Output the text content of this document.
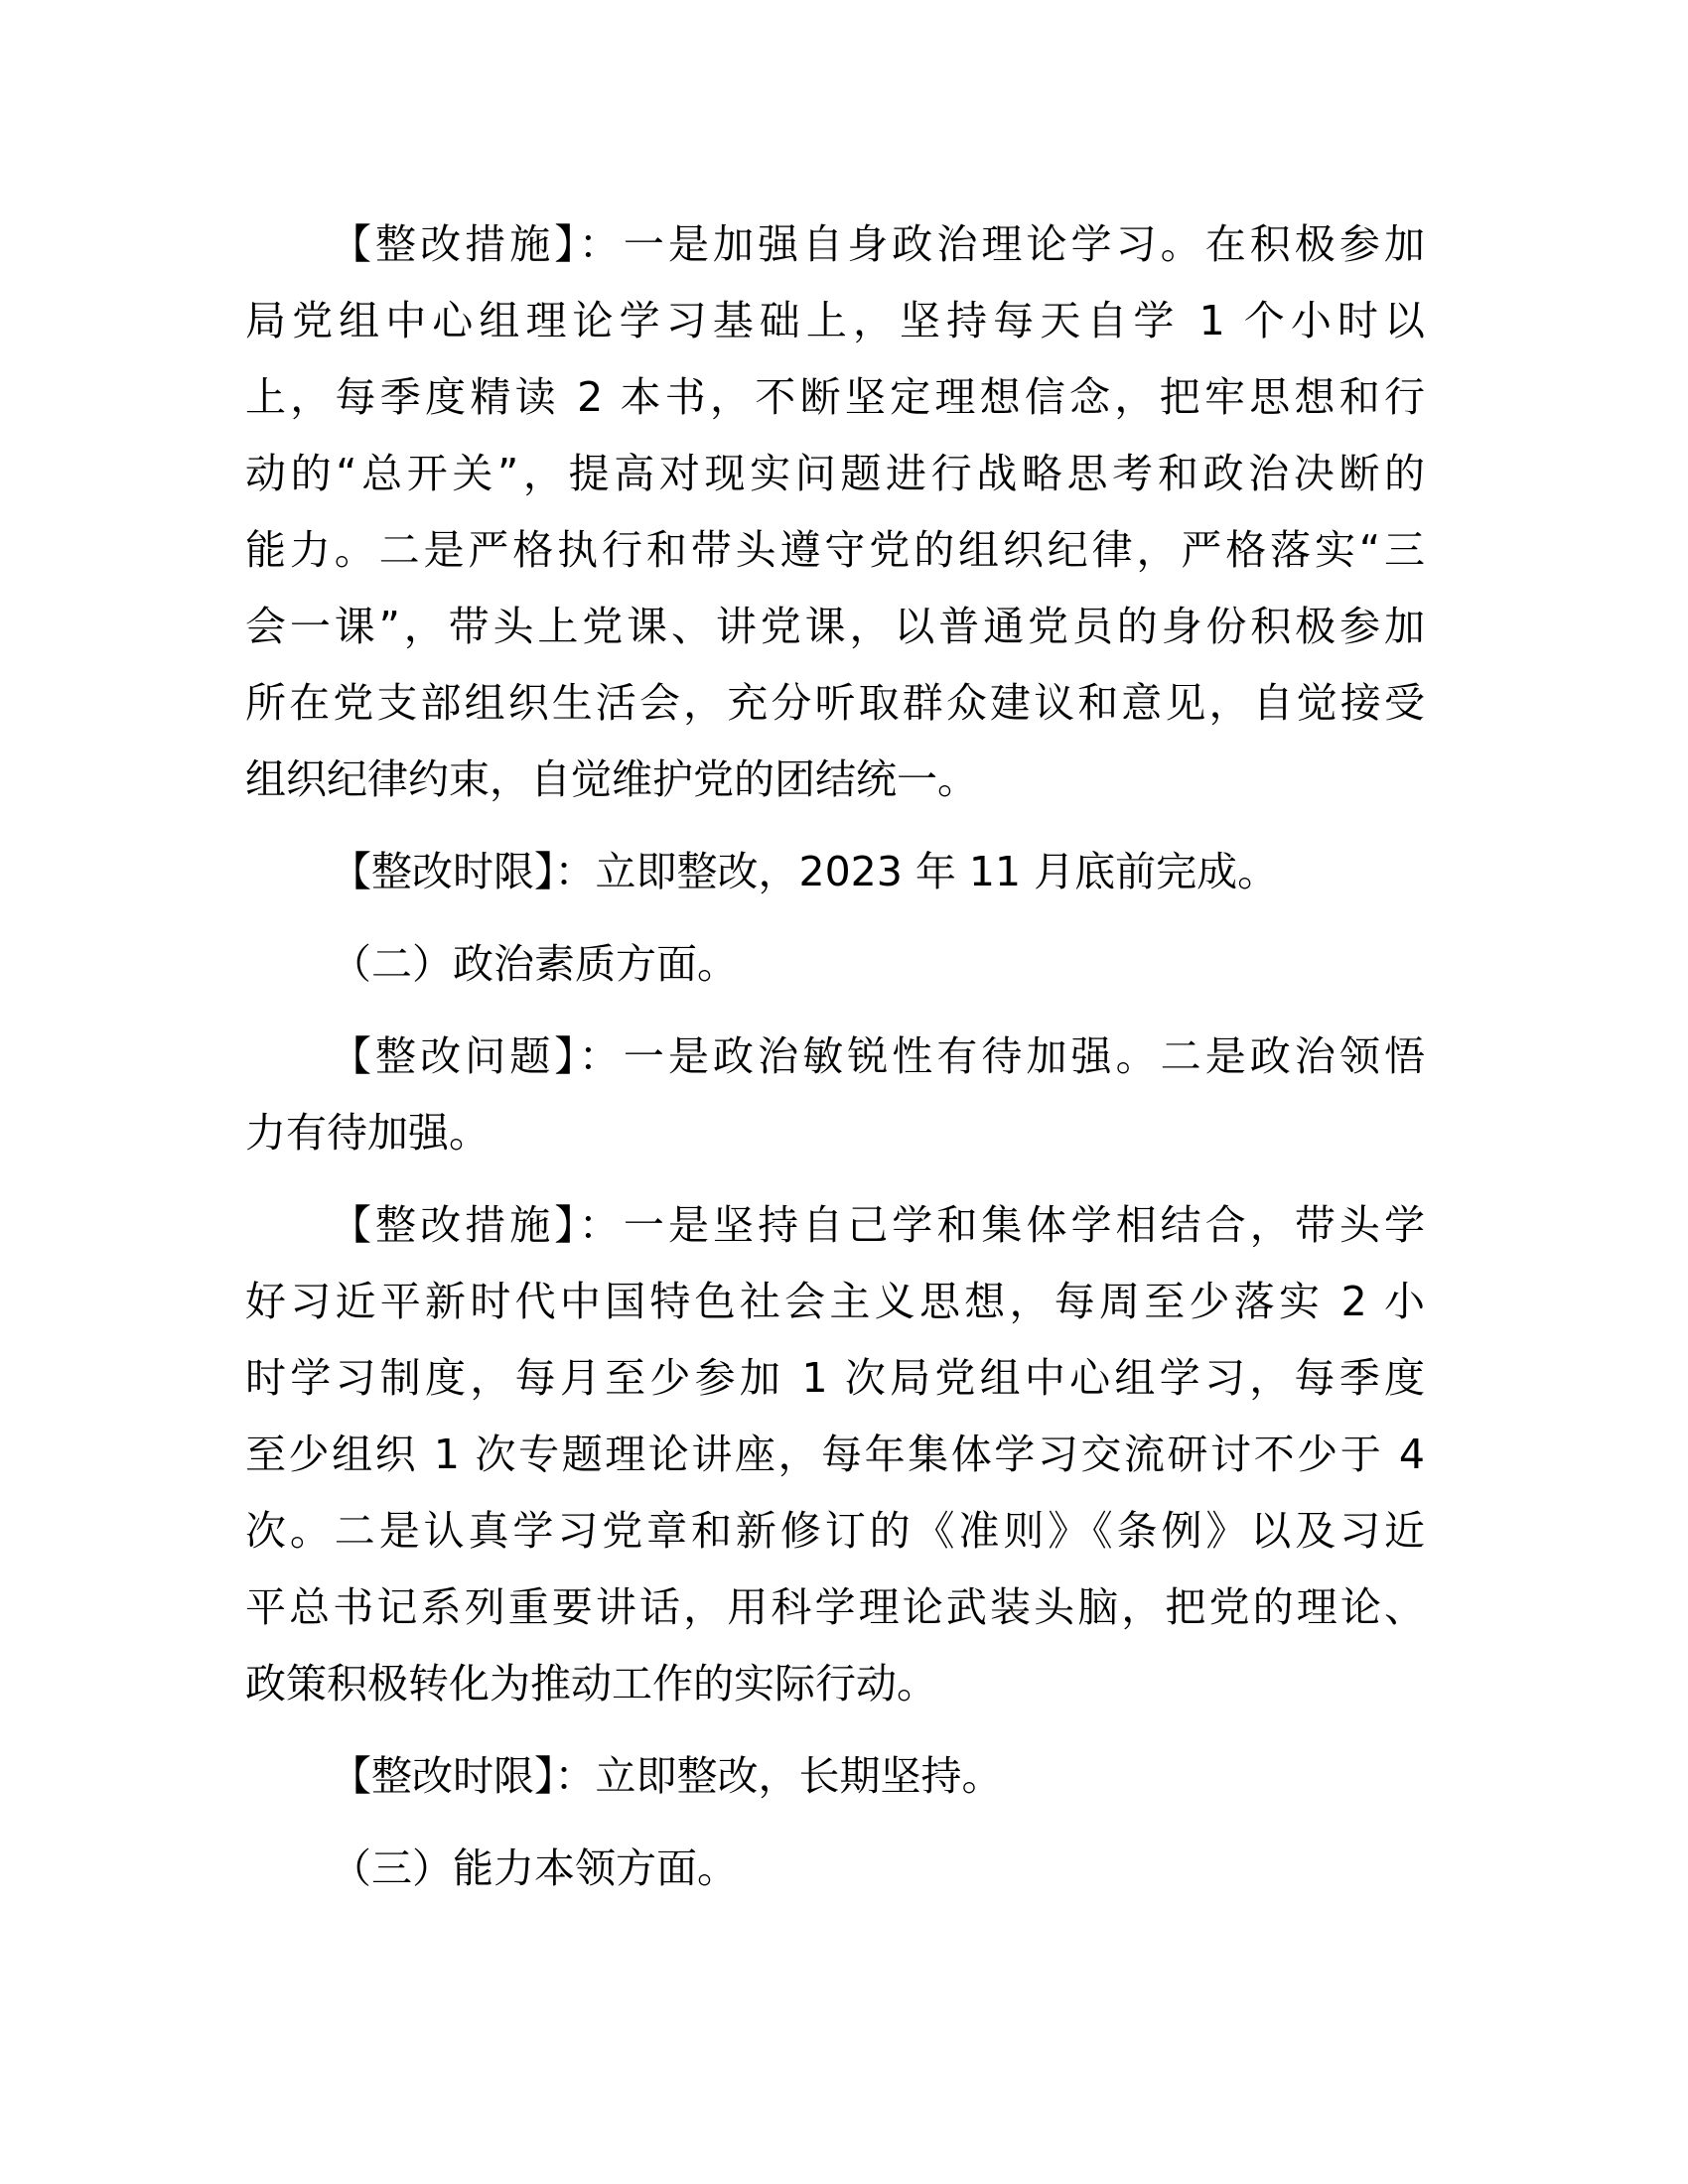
【整改措施】：一是加强自身政治理论学习。在积极参加
局党组中心组理论学习基础上，坚持每天自学 1 个小时以
上，每季度精读 2 本书，不断坚定理想信念，把牢思想和行
动的“总开关”，提高对现实问题进行战略思考和政治决断的
能力。二是严格执行和带头遵守党的组织纪律，严格落实“三
会一课”，带头上党课、讲党课，以普通党员的身份积极参加
所在党支部组织生活会，充分听取群众建议和意见，自觉接受
组织纪律约束，自觉维护党的团结统一。
【整改时限】：立即整改，2023 年 11 月底前完成。
（二）政治素质方面。
【整改问题】：一是政治敏锐性有待加强。二是政治领悟
力有待加强。
【整改措施】：一是坚持自己学和集体学相结合，带头学
好习近平新时代中国特色社会主义思想，每周至少落实 2 小
时学习制度，每月至少参加 1 次局党组中心组学习，每季度
至少组织 1 次专题理论讲座，每年集体学习交流研讨不少于 4
次。二是认真学习党章和新修订的《准则》《条例》以及习近
平总书记系列重要讲话，用科学理论武装头脑，把党的理论、
政策积极转化为推动工作的实际行动。
【整改时限】：立即整改，长期坚持。
（三）能力本领方面。
